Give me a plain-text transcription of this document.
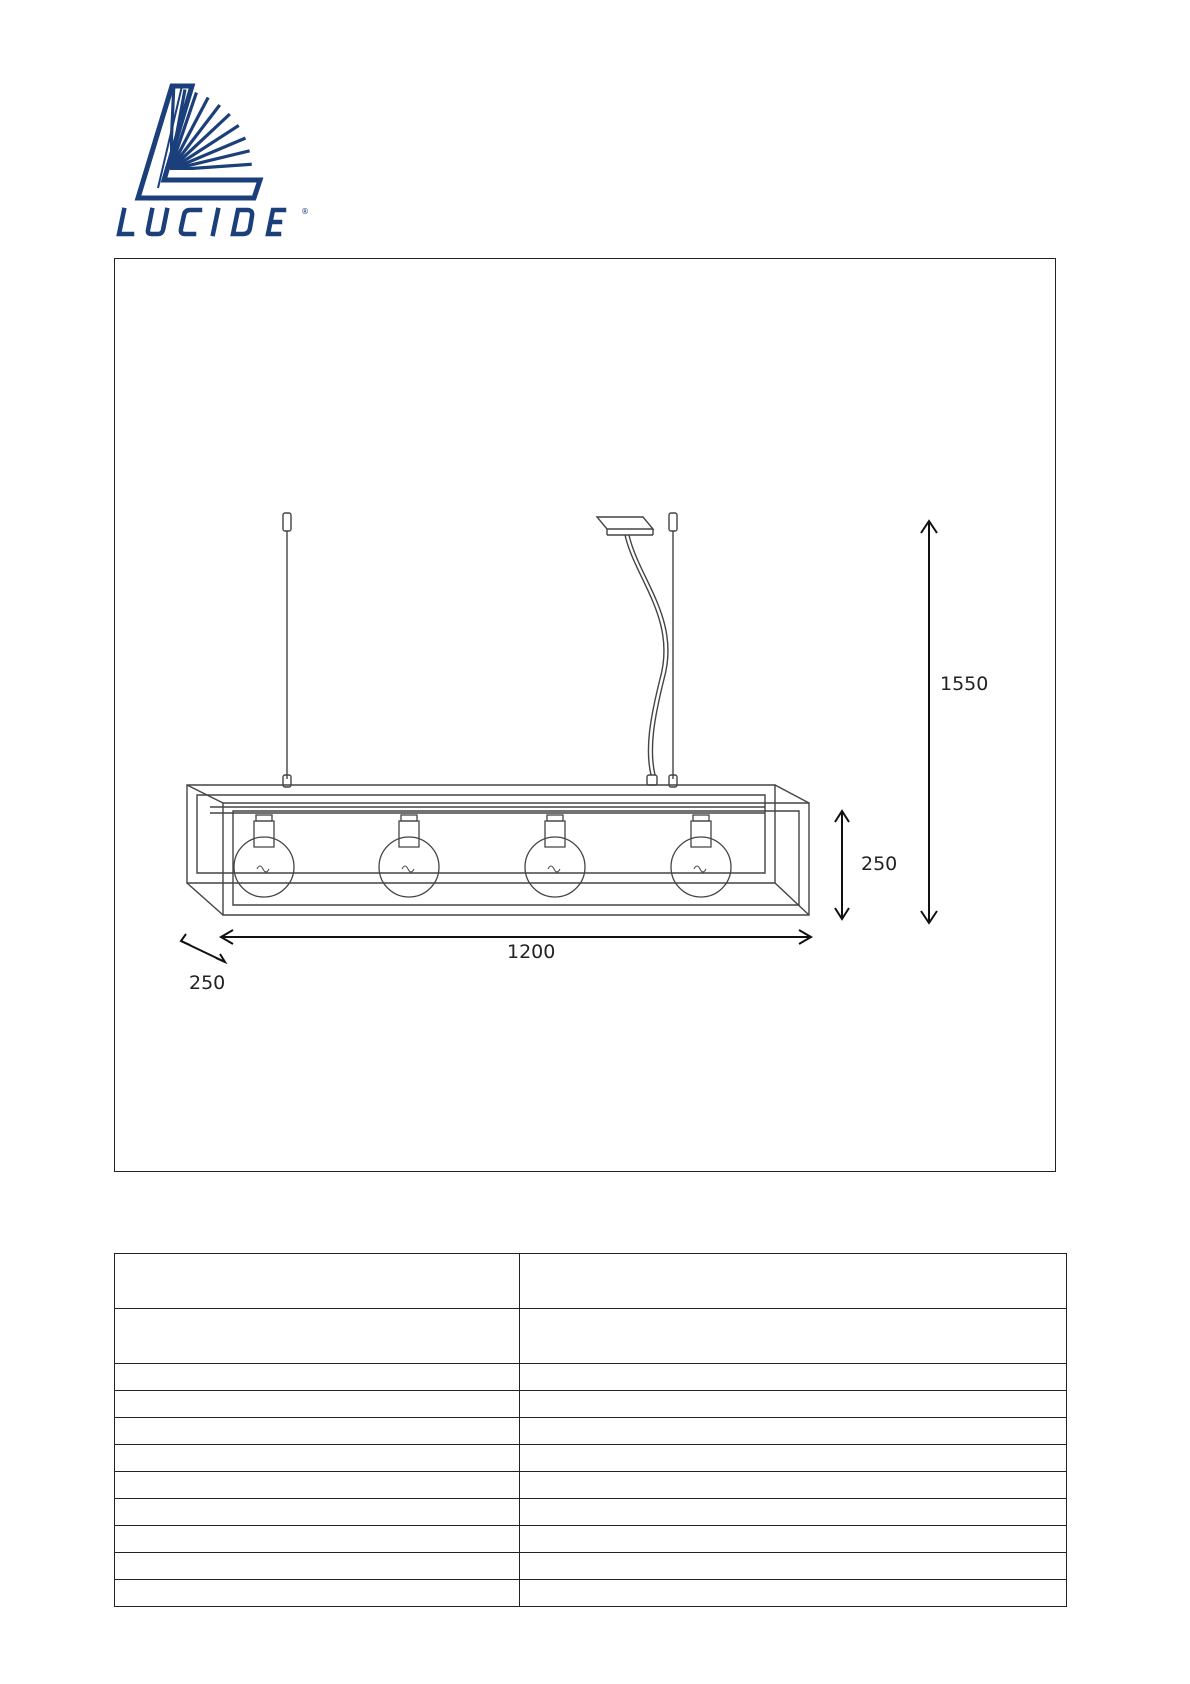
®
1550
250
1200
250
